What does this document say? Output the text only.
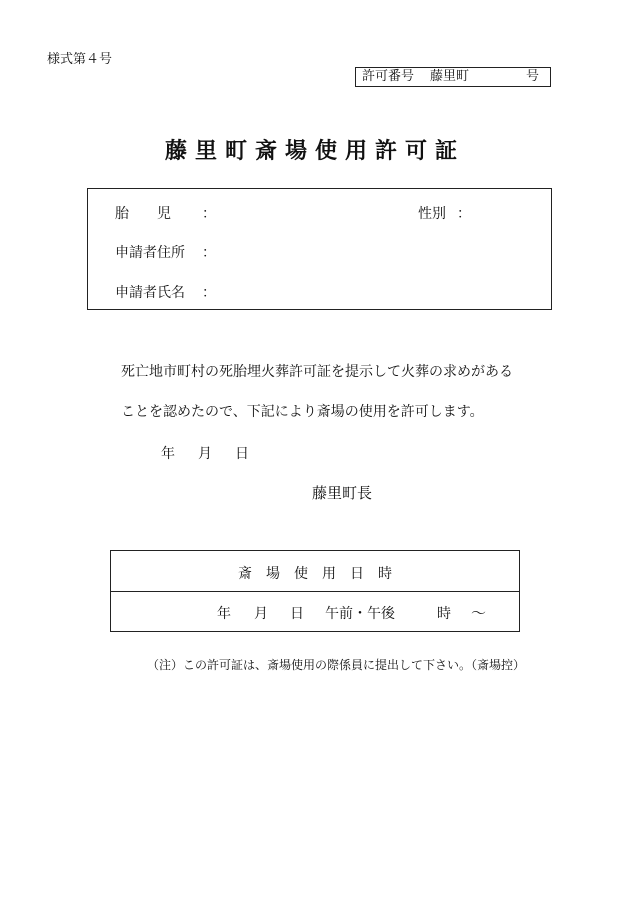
様式第４号
許可番号 藤里町	号
藤里町斎場使用許可証
胎　　児 ：	性別 ：
申請者住所 ：
申請者氏名 ：
死亡地市町村の死胎埋火葬許可証を提示して火葬の求めがある
ことを認めたので、下記により斎場の使用を許可します。
年 月 日
藤里町長
斎　場　使　用　日　時
年 月 日 午前・午後	時 ～
（注）この許可証は、斎場使用の際係員に提出して下さい。（斎場控）
